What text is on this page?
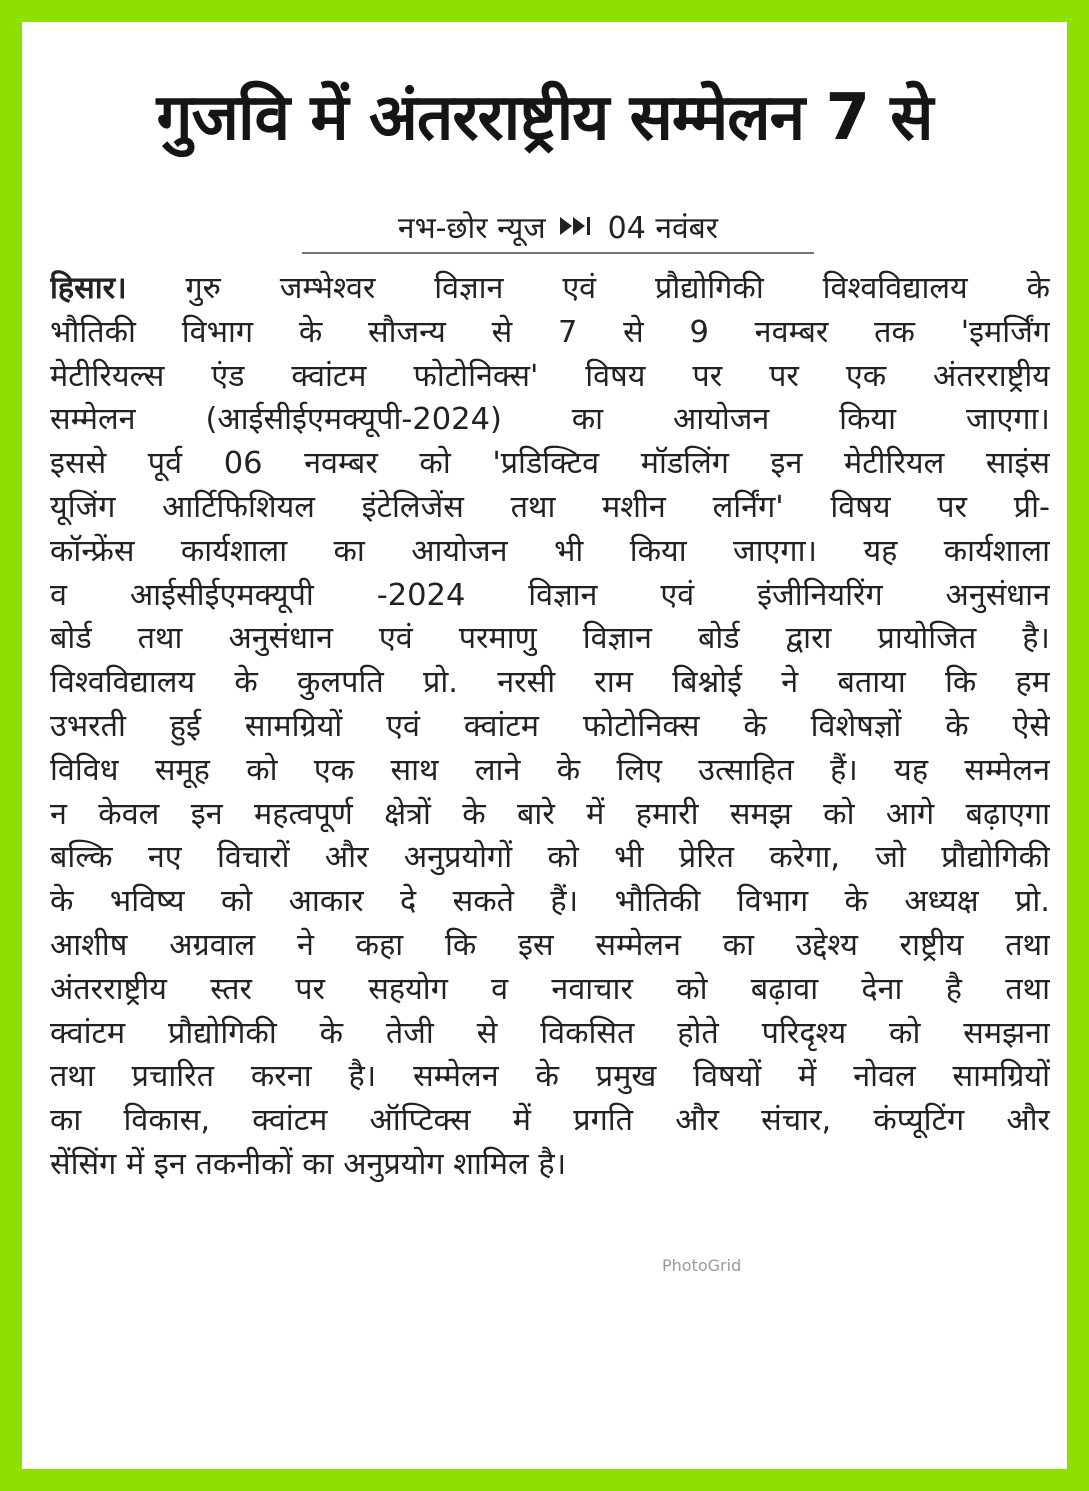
गुजवि में अंतरराष्ट्रीय सम्मेलन 7 से
नभ-छोर न्यूज 04 नवंबर
हिसार। गुरु जम्भेश्वर विज्ञान एवं प्रौद्योगिकी विश्वविद्यालय के
भौतिकी विभाग के सौजन्य से 7 से 9 नवम्बर तक 'इमर्जिंग
मेटीरियल्स एंड क्वांटम फोटोनिक्स' विषय पर पर एक अंतरराष्ट्रीय
सम्मेलन (आईसीईएमक्यूपी-2024) का आयोजन किया जाएगा।
इससे पूर्व 06 नवम्बर को 'प्रडिक्टिव मॉडलिंग इन मेटीरियल साइंस
यूजिंग आर्टिफिशियल इंटेलिजेंस तथा मशीन लर्निंग' विषय पर प्री-
कॉन्फ्रेंस कार्यशाला का आयोजन भी किया जाएगा। यह कार्यशाला
व आईसीईएमक्यूपी -2024 विज्ञान एवं इंजीनियरिंग अनुसंधान
बोर्ड तथा अनुसंधान एवं परमाणु विज्ञान बोर्ड द्वारा प्रायोजित है।
विश्वविद्यालय के कुलपति प्रो. नरसी राम बिश्नोई ने बताया कि हम
उभरती हुई सामग्रियों एवं क्वांटम फोटोनिक्स के विशेषज्ञों के ऐसे
विविध समूह को एक साथ लाने के लिए उत्साहित हैं। यह सम्मेलन
न केवल इन महत्वपूर्ण क्षेत्रों के बारे में हमारी समझ को आगे बढ़ाएगा
बल्कि नए विचारों और अनुप्रयोगों को भी प्रेरित करेगा, जो प्रौद्योगिकी
के भविष्य को आकार दे सकते हैं। भौतिकी विभाग के अध्यक्ष प्रो.
आशीष अग्रवाल ने कहा कि इस सम्मेलन का उद्देश्य राष्ट्रीय तथा
अंतरराष्ट्रीय स्तर पर सहयोग व नवाचार को बढ़ावा देना है तथा
क्वांटम प्रौद्योगिकी के तेजी से विकसित होते परिदृश्य को समझना
तथा प्रचारित करना है। सम्मेलन के प्रमुख विषयों में नोवल सामग्रियों
का विकास, क्वांटम ऑप्टिक्स में प्रगति और संचार, कंप्यूटिंग और
सेंसिंग में इन तकनीकों का अनुप्रयोग शामिल है।
PhotoGrid
